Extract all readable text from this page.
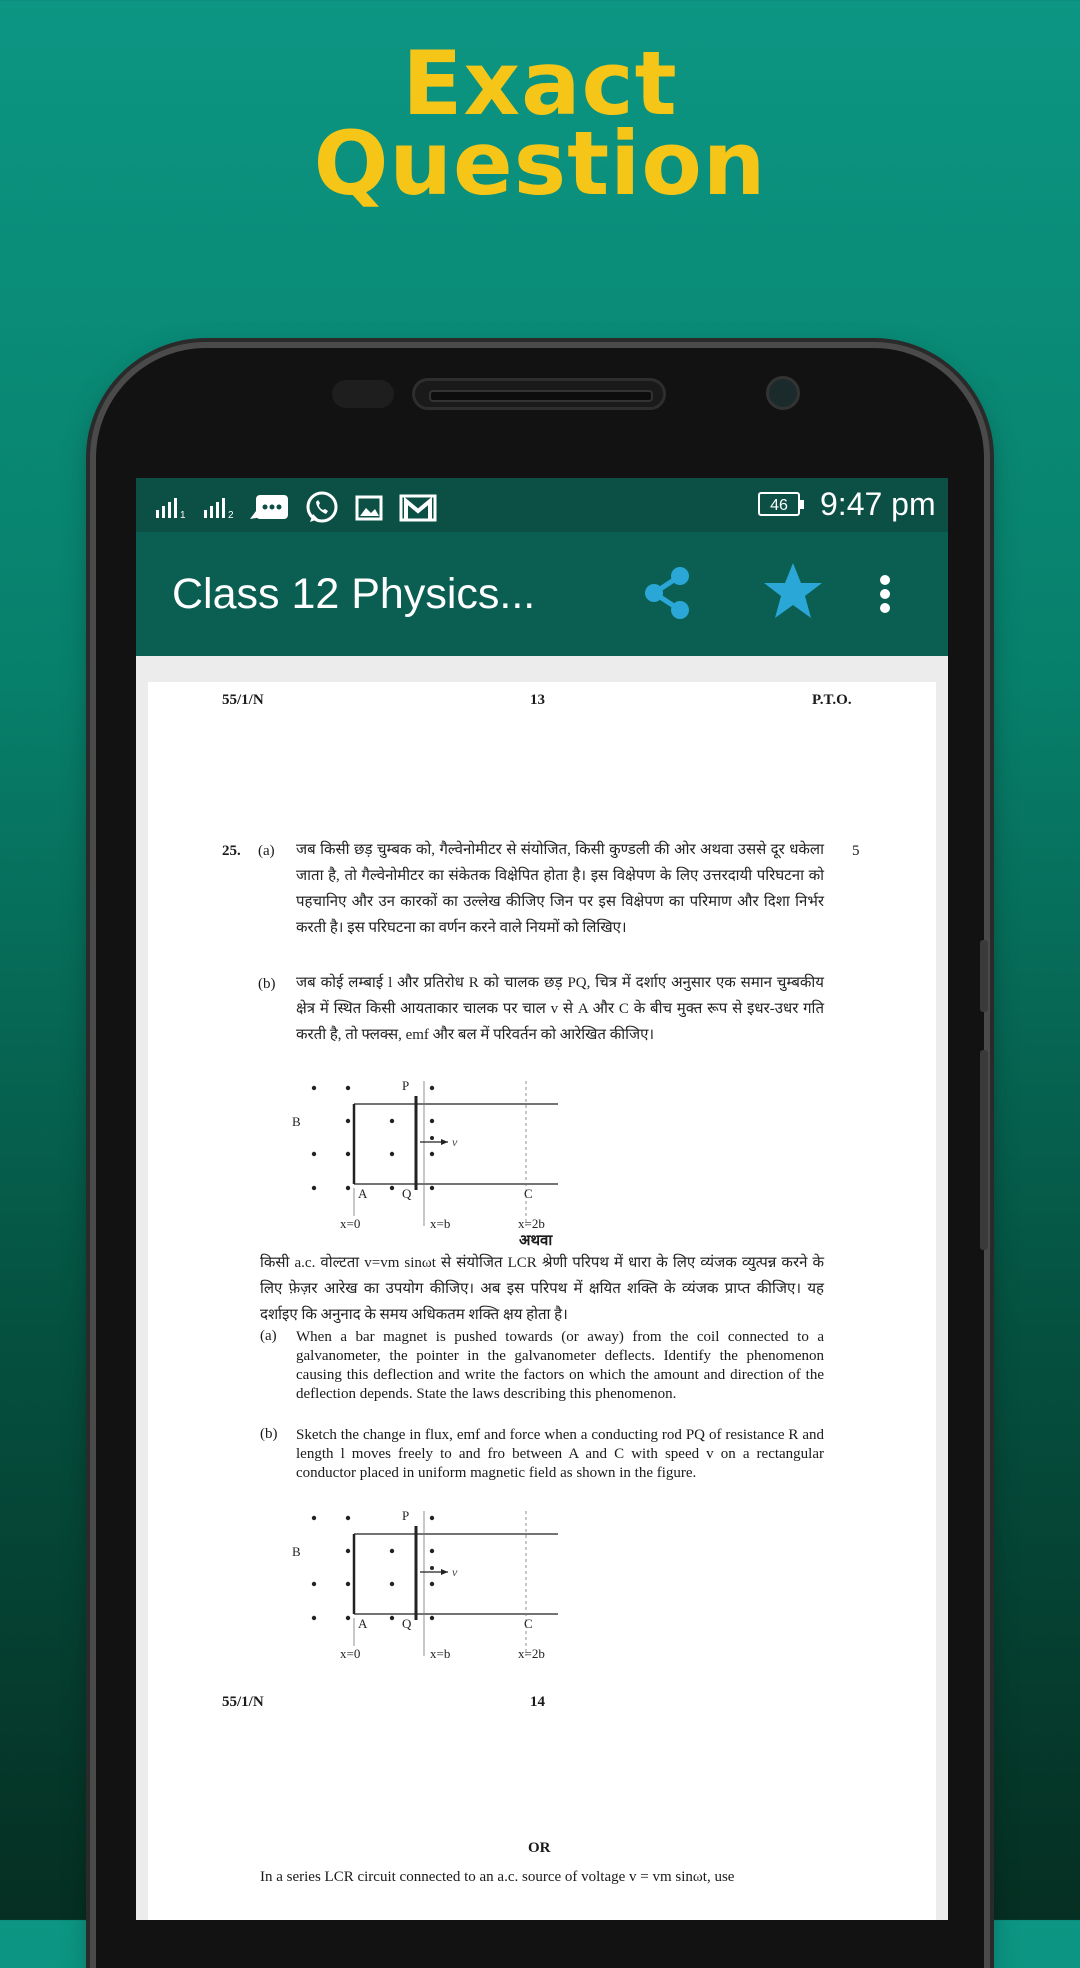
Exact
Question
1	2
46	9:47 pm
Class 12 Physics...
55/1/N	13	P.T.O.
25.	5
(a) जब किसी छड़ चुम्बक को, गैल्वेनोमीटर से संयोजित, किसी कुण्डली की ओर अथवा उससे दूर धकेला जाता है, तो गैल्वेनोमीटर का संकेतक विक्षेपित होता है। इस विक्षेपण के लिए उत्तरदायी परिघटना को पहचानिए और उन कारकों का उल्लेख कीजिए जिन पर इस विक्षेपण का परिमाण और दिशा निर्भर करती है। इस परिघटना का वर्णन करने वाले नियमों को लिखिए।
(b) जब कोई लम्बाई l और प्रतिरोध R को चालक छड़ PQ, चित्र में दर्शाए अनुसार एक समान चुम्बकीय क्षेत्र में स्थित किसी आयताकार चालक पर चाल v से A और C के बीच मुक्त रूप से इधर-उधर गति करती है, तो फ्लक्स, emf और बल में परिवर्तन को आरेखित कीजिए।
P
B
A	Q	C
v
x=0	x=b	x=2b
अथवा
किसी a.c. वोल्टता v=vm sinωt से संयोजित LCR श्रेणी परिपथ में धारा के लिए व्यंजक व्युत्पन्न करने के लिए फ़ेज़र आरेख का उपयोग कीजिए। अब इस परिपथ में क्षयित शक्ति के व्यंजक प्राप्त कीजिए। यह दर्शाइए कि अनुनाद के समय अधिकतम शक्ति क्षय होता है।
(a) When a bar magnet is pushed towards (or away) from the coil connected to a galvanometer, the pointer in the galvanometer deflects. Identify the phenomenon causing this deflection and write the factors on which the amount and direction of the deflection depends. State the laws describing this phenomenon.
(b) Sketch the change in flux, emf and force when a conducting rod PQ of resistance R and length l moves freely to and fro between A and C with speed v on a rectangular conductor placed in uniform magnetic field as shown in the figure.
P
B
A	Q	C
v
x=0	x=b	x=2b
55/1/N	14
OR
In a series LCR circuit connected to an a.c. source of voltage v = vm sinωt, use
